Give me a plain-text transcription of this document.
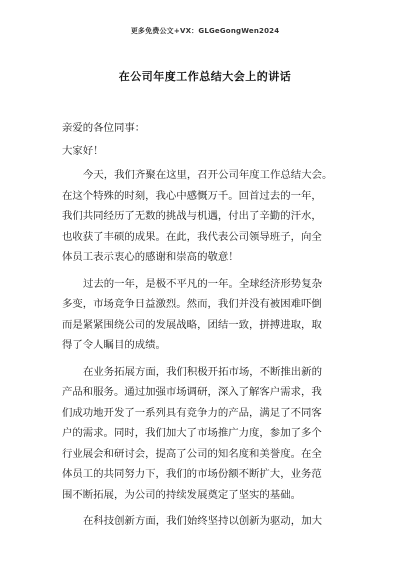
更多免费公文+VX：GLGeGongWen2024
在公司年度工作总结大会上的讲话

亲爱的各位同事：

大家好！

今天，我们齐聚在这里，召开公司年度工作总结大会。
在这个特殊的时刻，我心中感慨万千。回首过去的一年，
我们共同经历了无数的挑战与机遇，付出了辛勤的汗水，
也收获了丰硕的成果。在此，我代表公司领导班子，向全
体员工表示衷心的感谢和崇高的敬意！
过去的一年，是极不平凡的一年。全球经济形势复杂
多变，市场竞争日益激烈。然而，我们并没有被困难吓倒
而是紧紧围绕公司的发展战略，团结一致，拼搏进取，取
得了令人瞩目的成绩。
在业务拓展方面，我们积极开拓市场，不断推出新的
产品和服务。通过加强市场调研，深入了解客户需求，我
们成功地开发了一系列具有竞争力的产品，满足了不同客
户的需求。同时，我们加大了市场推广力度，参加了多个
行业展会和研讨会，提高了公司的知名度和美誉度。在全
体员工的共同努力下，我们的市场份额不断扩大，业务范
围不断拓展，为公司的持续发展奠定了坚实的基础。
在科技创新方面，我们始终坚持以创新为驱动，加大
